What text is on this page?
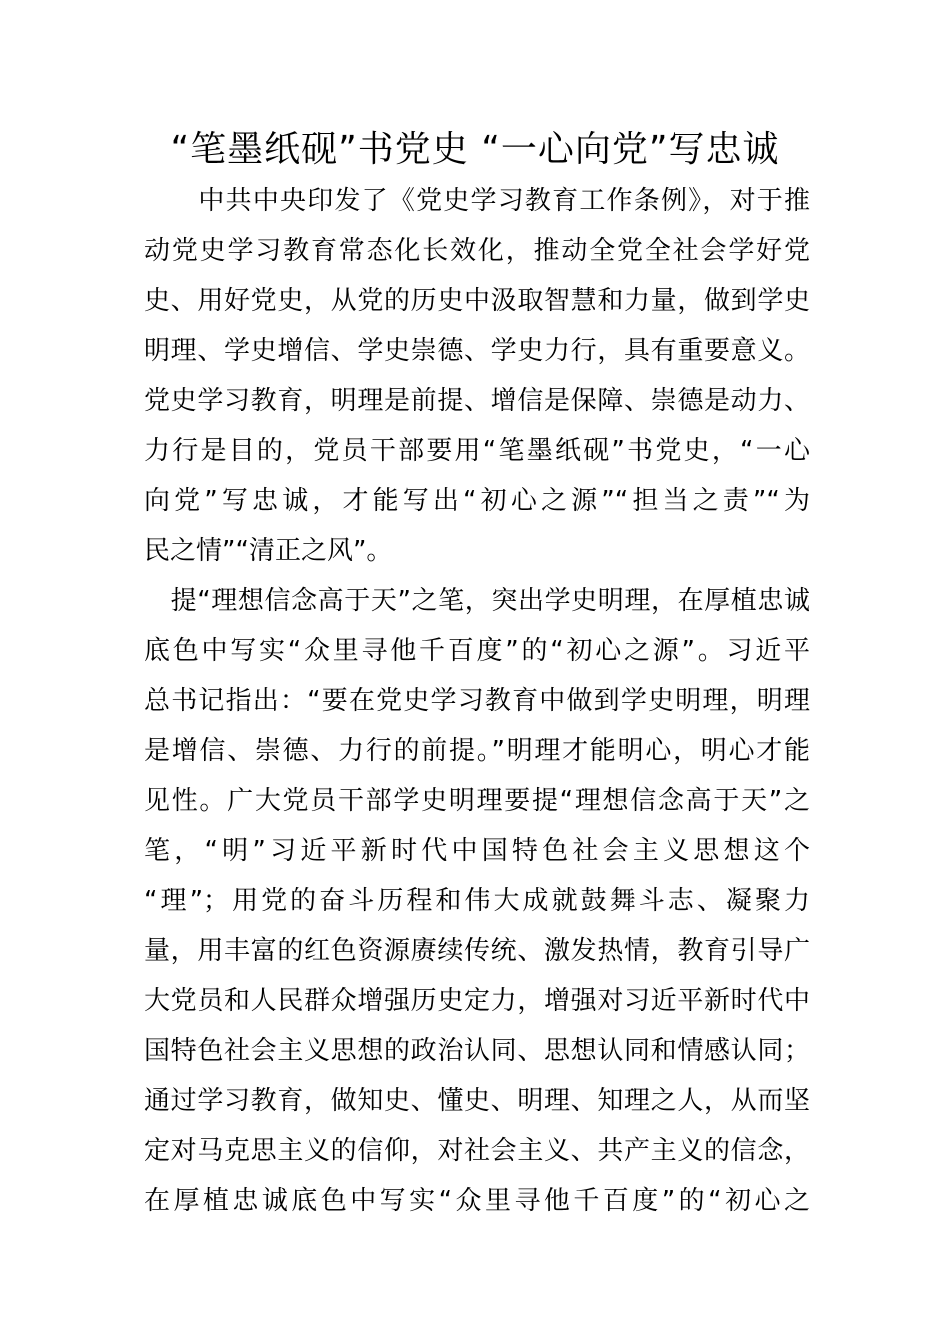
“笔墨纸砚”书党史 “一心向党”写忠诚
　　中共中央印发了《党史学习教育工作条例》，对于推
动党史学习教育常态化长效化，推动全党全社会学好党
史、用好党史，从党的历史中汲取智慧和力量，做到学史
明理、学史增信、学史崇德、学史力行，具有重要意义。
党史学习教育，明理是前提、增信是保障、崇德是动力、
力行是目的，党员干部要用“笔墨纸砚”书党史，“一心
向党”写忠诚，才能写出“初心之源”“担当之责”“为
民之情”“清正之风”。
　提“理想信念高于天”之笔，突出学史明理，在厚植忠诚
底色中写实“众里寻他千百度”的“初心之源”。习近平
总书记指出：“要在党史学习教育中做到学史明理，明理
是增信、崇德、力行的前提。”明理才能明心，明心才能
见性。广大党员干部学史明理要提“理想信念高于天”之
笔，“明”习近平新时代中国特色社会主义思想这个
“理”；用党的奋斗历程和伟大成就鼓舞斗志、凝聚力
量，用丰富的红色资源赓续传统、激发热情，教育引导广
大党员和人民群众增强历史定力，增强对习近平新时代中
国特色社会主义思想的政治认同、思想认同和情感认同；
通过学习教育，做知史、懂史、明理、知理之人，从而坚
定对马克思主义的信仰，对社会主义、共产主义的信念，
在厚植忠诚底色中写实“众里寻他千百度”的“初心之
